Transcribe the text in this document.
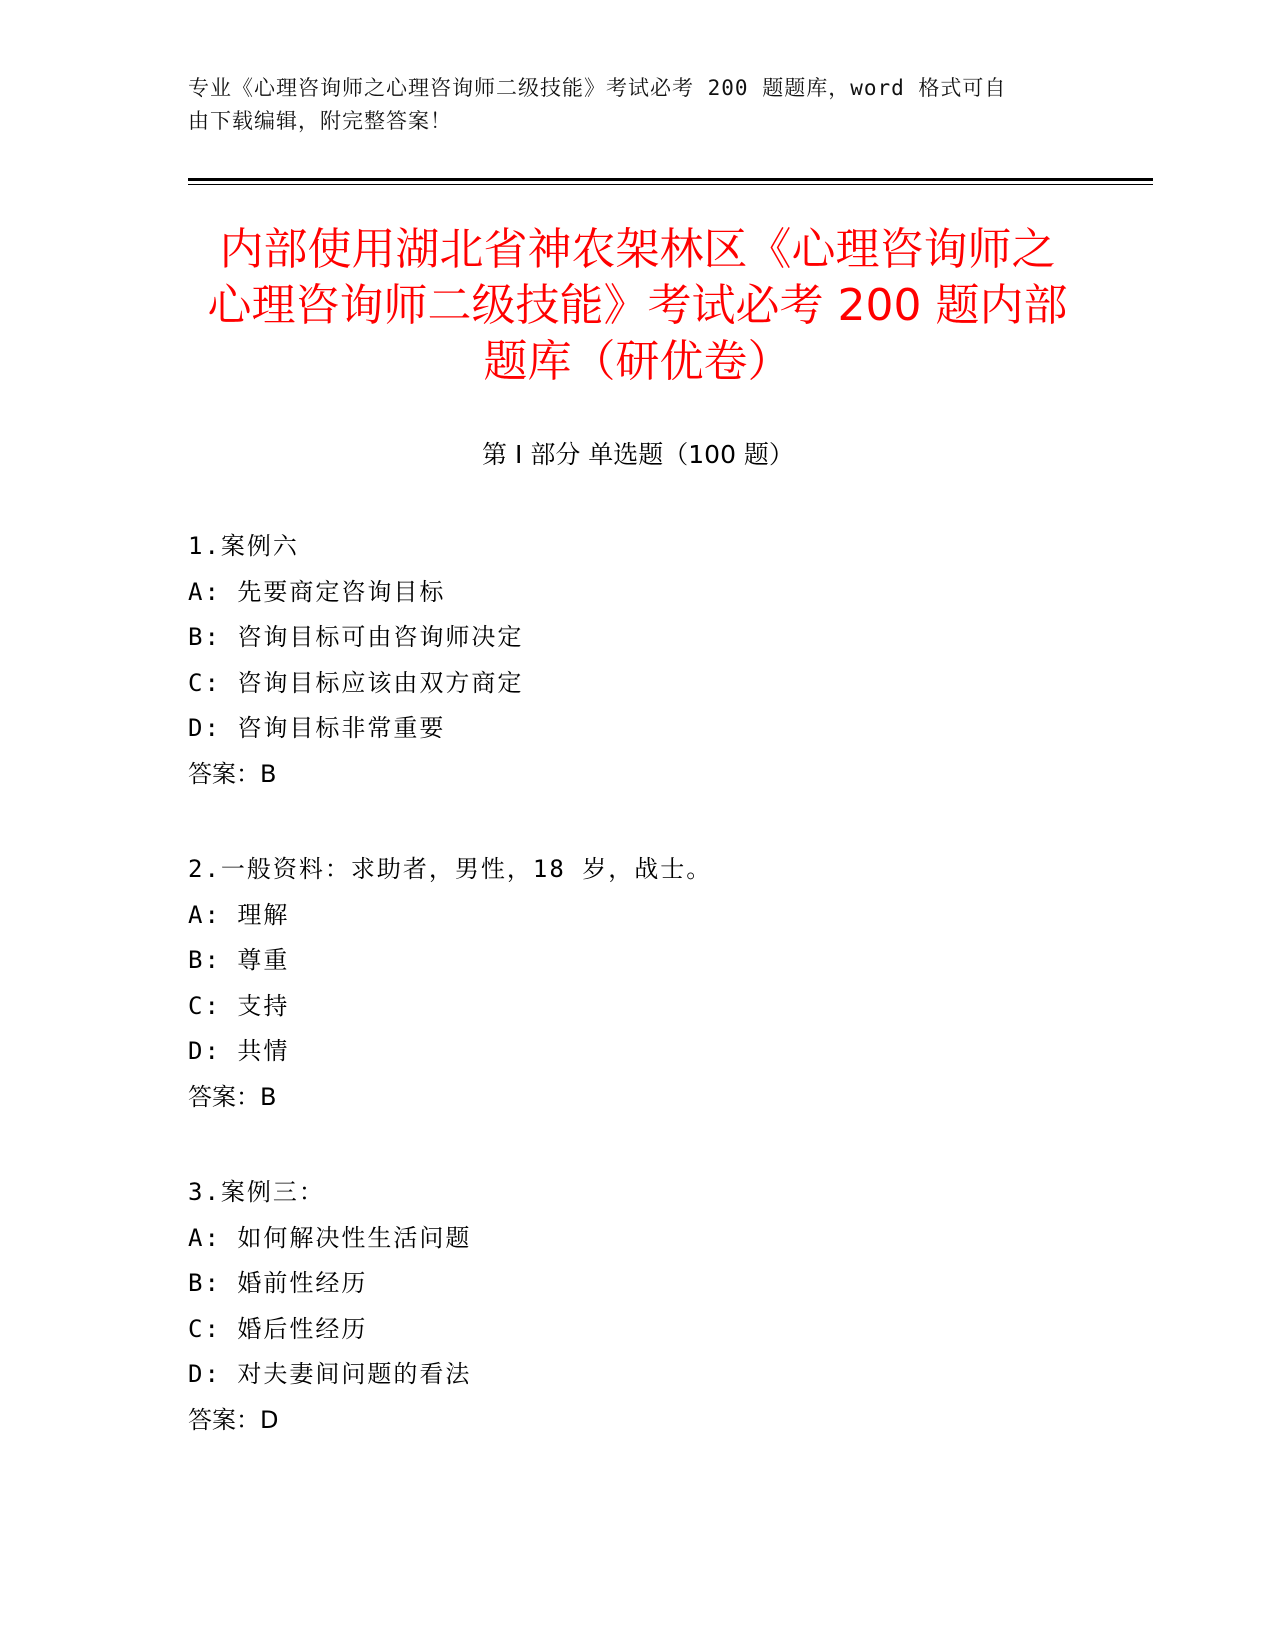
专业《心理咨询师之心理咨询师二级技能》考试必考 200 题题库，word 格式可自
由下载编辑，附完整答案！
内部使用湖北省神农架林区《心理咨询师之
心理咨询师二级技能》考试必考 200 题内部
题库（研优卷）
第 I 部分 单选题（100 题）
1.案例六
A: 先要商定咨询目标
B: 咨询目标可由咨询师决定
C: 咨询目标应该由双方商定
D: 咨询目标非常重要
答案：B
2.一般资料：求助者，男性，18 岁，战士。
A: 理解
B: 尊重
C: 支持
D: 共情
答案：B
3.案例三：
A: 如何解决性生活问题
B: 婚前性经历
C: 婚后性经历
D: 对夫妻间问题的看法
答案：D
